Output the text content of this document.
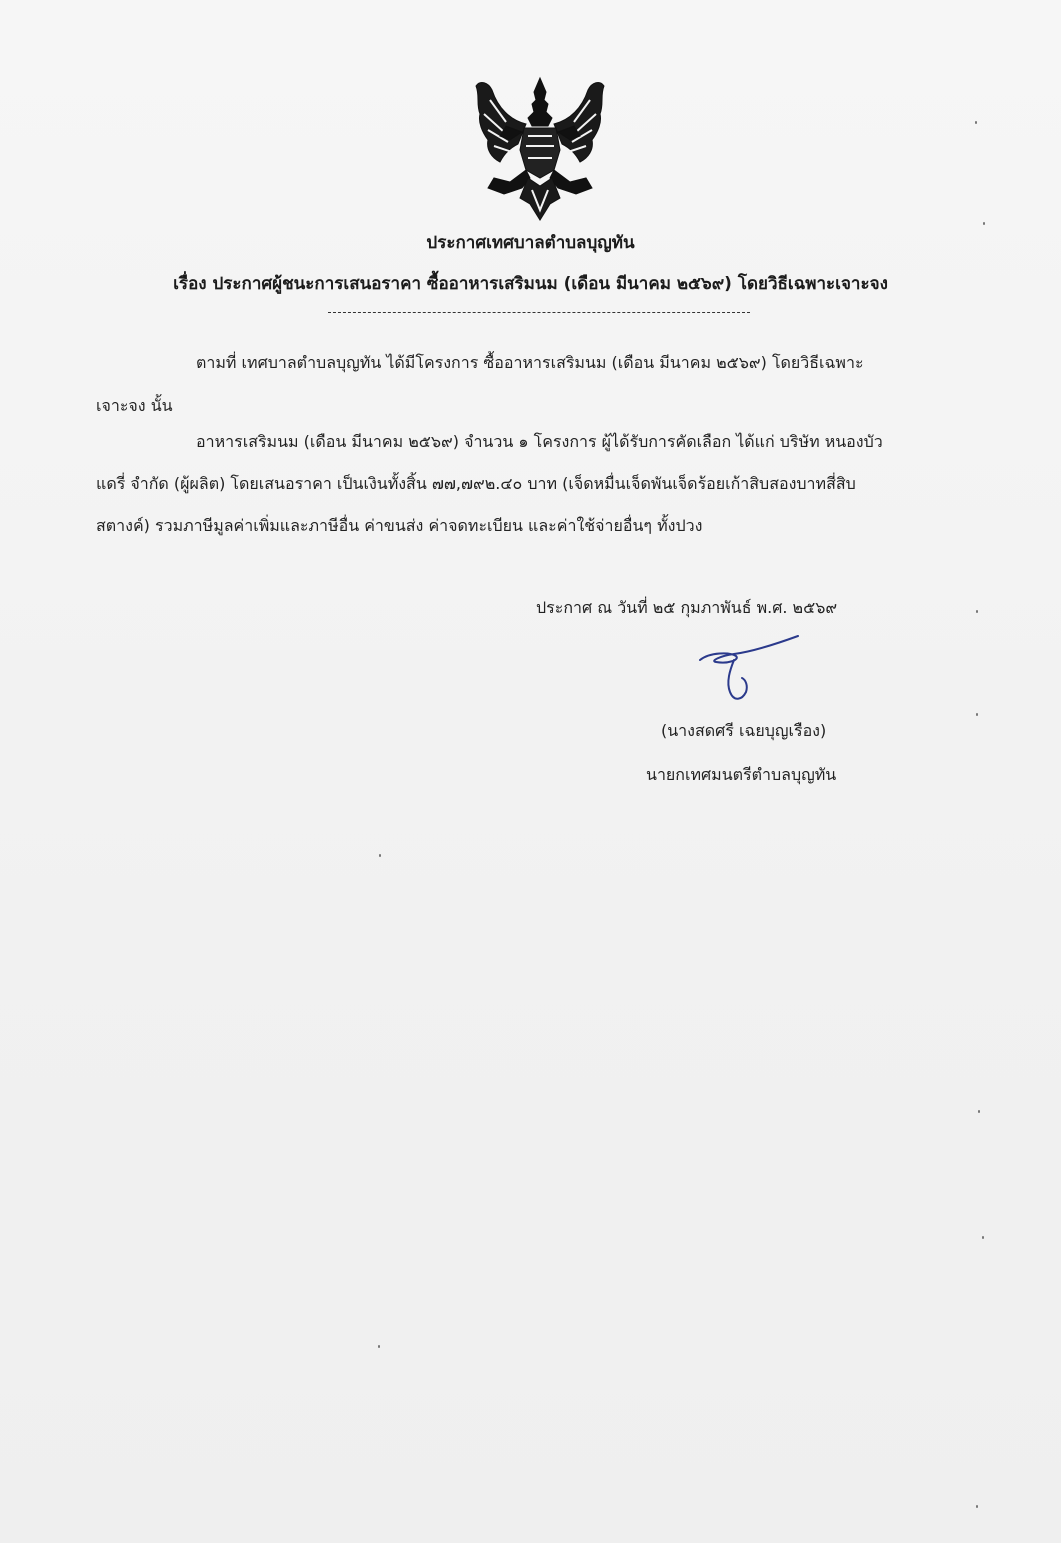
ประกาศเทศบาลตำบลบุญทัน
เรื่อง ประกาศผู้ชนะการเสนอราคา ซื้ออาหารเสริมนม (เดือน มีนาคม ๒๕๖๙) โดยวิธีเฉพาะเจาะจง
ตามที่ เทศบาลตำบลบุญทัน ได้มีโครงการ ซื้ออาหารเสริมนม (เดือน มีนาคม ๒๕๖๙) โดยวิธีเฉพาะ
เจาะจง นั้น
อาหารเสริมนม (เดือน มีนาคม ๒๕๖๙) จำนวน ๑ โครงการ ผู้ได้รับการคัดเลือก ได้แก่ บริษัท หนองบัว
แดรี่ จำกัด (ผู้ผลิต) โดยเสนอราคา เป็นเงินทั้งสิ้น ๗๗,๗๙๒.๔๐ บาท (เจ็ดหมื่นเจ็ดพันเจ็ดร้อยเก้าสิบสองบาทสี่สิบ
สตางค์) รวมภาษีมูลค่าเพิ่มและภาษีอื่น ค่าขนส่ง ค่าจดทะเบียน และค่าใช้จ่ายอื่นๆ ทั้งปวง
ประกาศ ณ วันที่ ๒๕ กุมภาพันธ์ พ.ศ. ๒๕๖๙
(นางสดศรี เฉยบุญเรือง)
นายกเทศมนตรีตำบลบุญทัน
